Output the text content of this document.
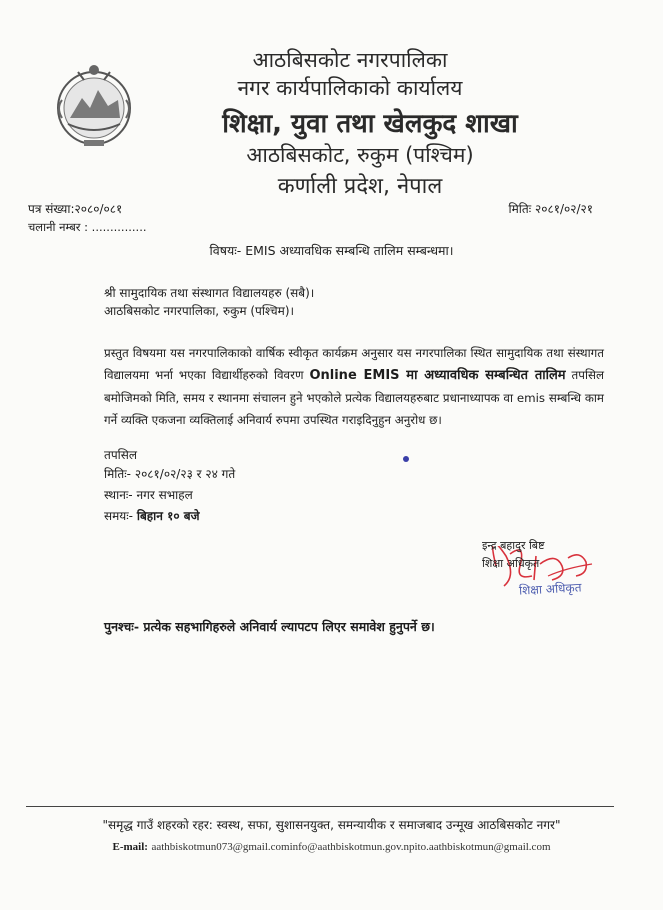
आठबिसकोट नगरपालिका
नगर कार्यपालिकाको कार्यालय
शिक्षा, युवा तथा खेलकुद शाखा
आठबिसकोट, रुकुम (पश्चिम)
कर्णाली प्रदेश, नेपाल
पत्र संख्या:२०८०/०८१	मितिः २०८१/०२/२१
चलानी नम्बर : ...............
विषयः- EMIS अध्यावधिक सम्बन्धि तालिम सम्बन्धमा।
श्री सामुदायिक तथा संस्थागत विद्यालयहरु (सबै)।
आठबिसकोट नगरपालिका, रुकुम (पश्चिम)।
प्रस्तुत विषयमा यस नगरपालिकाको वार्षिक स्वीकृत कार्यक्रम अनुसार यस नगरपालिका स्थित सामुदायिक तथा संस्थागत विद्यालयमा भर्ना भएका विद्यार्थीहरुको विवरण Online EMIS मा अध्यावधिक सम्बन्धित तालिम तपसिल बमोजिमको मिति, समय र स्थानमा संचालन हुने भएकोले प्रत्येक विद्यालयहरुबाट प्रधानाध्यापक वा emis सम्बन्धि काम गर्ने व्यक्ति एकजना व्यक्तिलाई अनिवार्य रुपमा उपस्थित गराइदिनुहुन अनुरोध छ।
तपसिल
मितिः- २०८१/०२/२३ र २४ गते
स्थानः- नगर सभाहल
समयः- बिहान १० बजे
इन्द्र बहादुर बिष्ट
शिक्षा अधिकृत
शिक्षा अधिकृत
पुनश्चः- प्रत्येक सहभागिहरुले अनिवार्य ल्यापटप लिएर समावेश हुनुपर्ने छ।
"समृद्ध गाउँ शहरको रहर: स्वस्थ, सफा, सुशासनयुक्त, समन्यायीक र समाजबाद उन्मूख आठबिसकोट नगर"
E-mail: aathbiskotmun073@gmail.cominfo@aathbiskotmun.gov.npito.aathbiskotmun@gmail.com
